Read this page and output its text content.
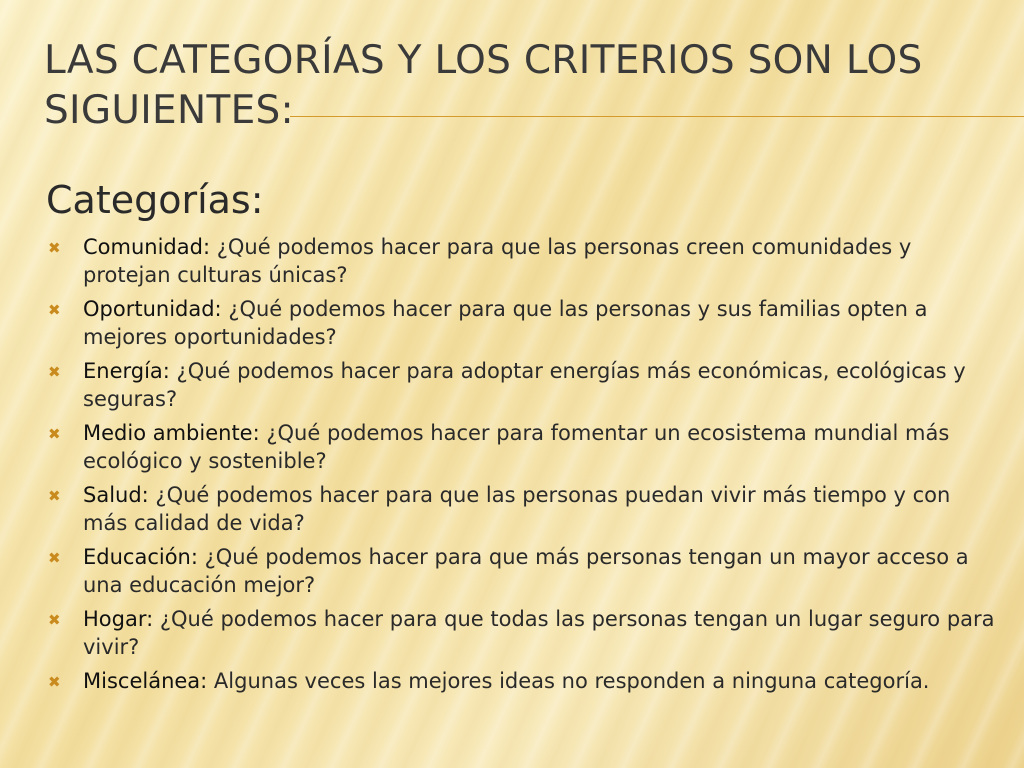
LAS CATEGORÍAS Y LOS CRITERIOS SON LOS SIGUIENTES:
Categorías:
✖ Comunidad: ¿Qué podemos hacer para que las personas creen comunidades y protejan culturas únicas?
✖ Oportunidad: ¿Qué podemos hacer para que las personas y sus familias opten a mejores oportunidades?
✖ Energía: ¿Qué podemos hacer para adoptar energías más económicas, ecológicas y seguras?
✖ Medio ambiente: ¿Qué podemos hacer para fomentar un ecosistema mundial más ecológico y sostenible?
✖ Salud: ¿Qué podemos hacer para que las personas puedan vivir más tiempo y con más calidad de vida?
✖ Educación: ¿Qué podemos hacer para que más personas tengan un mayor acceso a una educación mejor?
✖ Hogar: ¿Qué podemos hacer para que todas las personas tengan un lugar seguro para vivir?
✖ Miscelánea: Algunas veces las mejores ideas no responden a ninguna categoría.
